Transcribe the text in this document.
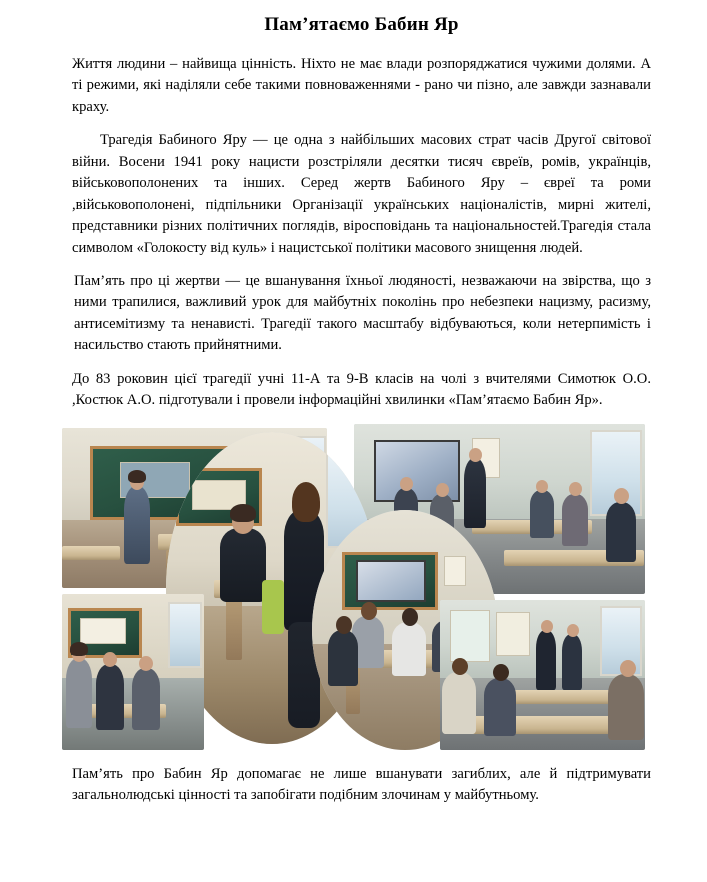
Пам’ятаємо Бабин Яр

Життя людини – найвища цінність. Ніхто не має влади розпоряджатися чужими долями. А ті режими, які наділяли себе такими повноваженнями - рано чи пізно, але завжди зазнавали краху.

Трагедія Бабиного Яру — це одна з найбільших масових страт часів Другої світової війни. Восени 1941 року нацисти розстріляли десятки тисяч євреїв, ромів, українців, військовополонених та інших. Серед жертв Бабиного Яру – євреї та роми ,військовополонені, підпільники Організації українських націоналістів, мирні жителі, представники різних політичних поглядів, віросповідань та національностей.Трагедія стала символом «Голокосту від куль» і нацистської політики масового знищення людей.

Пам’ять про ці жертви — це вшанування їхньої людяності, незважаючи на звірства, що з ними трапилися, важливий урок для майбутніх поколінь про небезпеки нацизму, расизму, антисемітизму та ненависті. Трагедії такого масштабу відбуваються, коли нетерпимість і насильство стають прийнятними.

До 83 роковин цієї трагедії учні 11-А та 9-В класів на чолі з вчителями Симотюк О.О. ,Костюк А.О. підготували і провели інформаційні хвилинки «Пам’ятаємо Бабин Яр».

Пам’ять про Бабин Яр допомагає не лише вшанувати загиблих, але й підтримувати загальнолюдські цінності та запобігати подібним злочинам у майбутньому.
